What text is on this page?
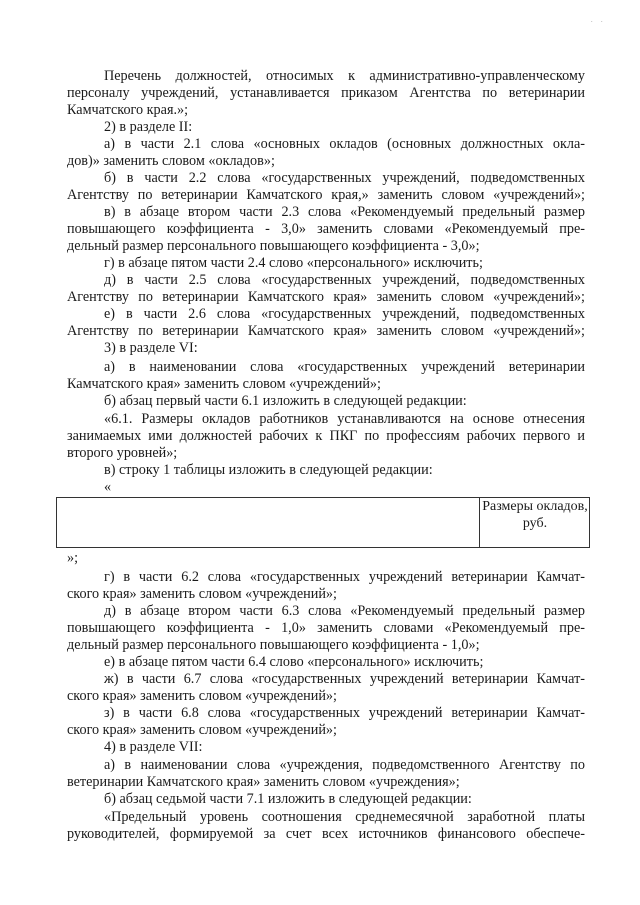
· ·
Перечень должностей, относимых к административно-управленческому
персоналу учреждений, устанавливается приказом Агентства по ветеринарии
Камчатского края.»;
2) в разделе II:
а) в части 2.1 слова «основных окладов (основных должностных окла-
дов)» заменить словом «окладов»;
б) в части 2.2 слова «государственных учреждений, подведомственных
Агентству по ветеринарии Камчатского края,» заменить словом «учреждений»;
в) в абзаце втором части 2.3 слова «Рекомендуемый предельный размер
повышающего коэффициента - 3,0» заменить словами «Рекомендуемый пре-
дельный размер персонального повышающего коэффициента - 3,0»;
г) в абзаце пятом части 2.4 слово «персонального» исключить;
д) в части 2.5 слова «государственных учреждений, подведомственных
Агентству по ветеринарии Камчатского края» заменить словом «учреждений»;
е) в части 2.6 слова «государственных учреждений, подведомственных
Агентству по ветеринарии Камчатского края» заменить словом «учреждений»;
3) в разделе VI:
а) в наименовании слова «государственных учреждений ветеринарии
Камчатского края» заменить словом «учреждений»;
б) абзац первый части 6.1 изложить в следующей редакции:
«6.1. Размеры окладов работников устанавливаются на основе отнесения
занимаемых ими должностей рабочих к ПКГ по профессиям рабочих первого и
второго уровней»;
в) строку 1 таблицы изложить в следующей редакции:
«
Размеры окладов, руб.
»;
г) в части 6.2 слова «государственных учреждений ветеринарии Камчат-
ского края» заменить словом «учреждений»;
д) в абзаце втором части 6.3 слова «Рекомендуемый предельный размер
повышающего коэффициента - 1,0» заменить словами «Рекомендуемый пре-
дельный размер персонального повышающего коэффициента - 1,0»;
е) в абзаце пятом части 6.4 слово «персонального» исключить;
ж) в части 6.7 слова «государственных учреждений ветеринарии Камчат-
ского края» заменить словом «учреждений»;
з) в части 6.8 слова «государственных учреждений ветеринарии Камчат-
ского края» заменить словом «учреждений»;
4) в разделе VII:
а) в наименовании слова «учреждения, подведомственного Агентству по
ветеринарии Камчатского края» заменить словом «учреждения»;
б) абзац седьмой части 7.1 изложить в следующей редакции:
«Предельный уровень соотношения среднемесячной заработной платы
руководителей, формируемой за счет всех источников финансового обеспече-
